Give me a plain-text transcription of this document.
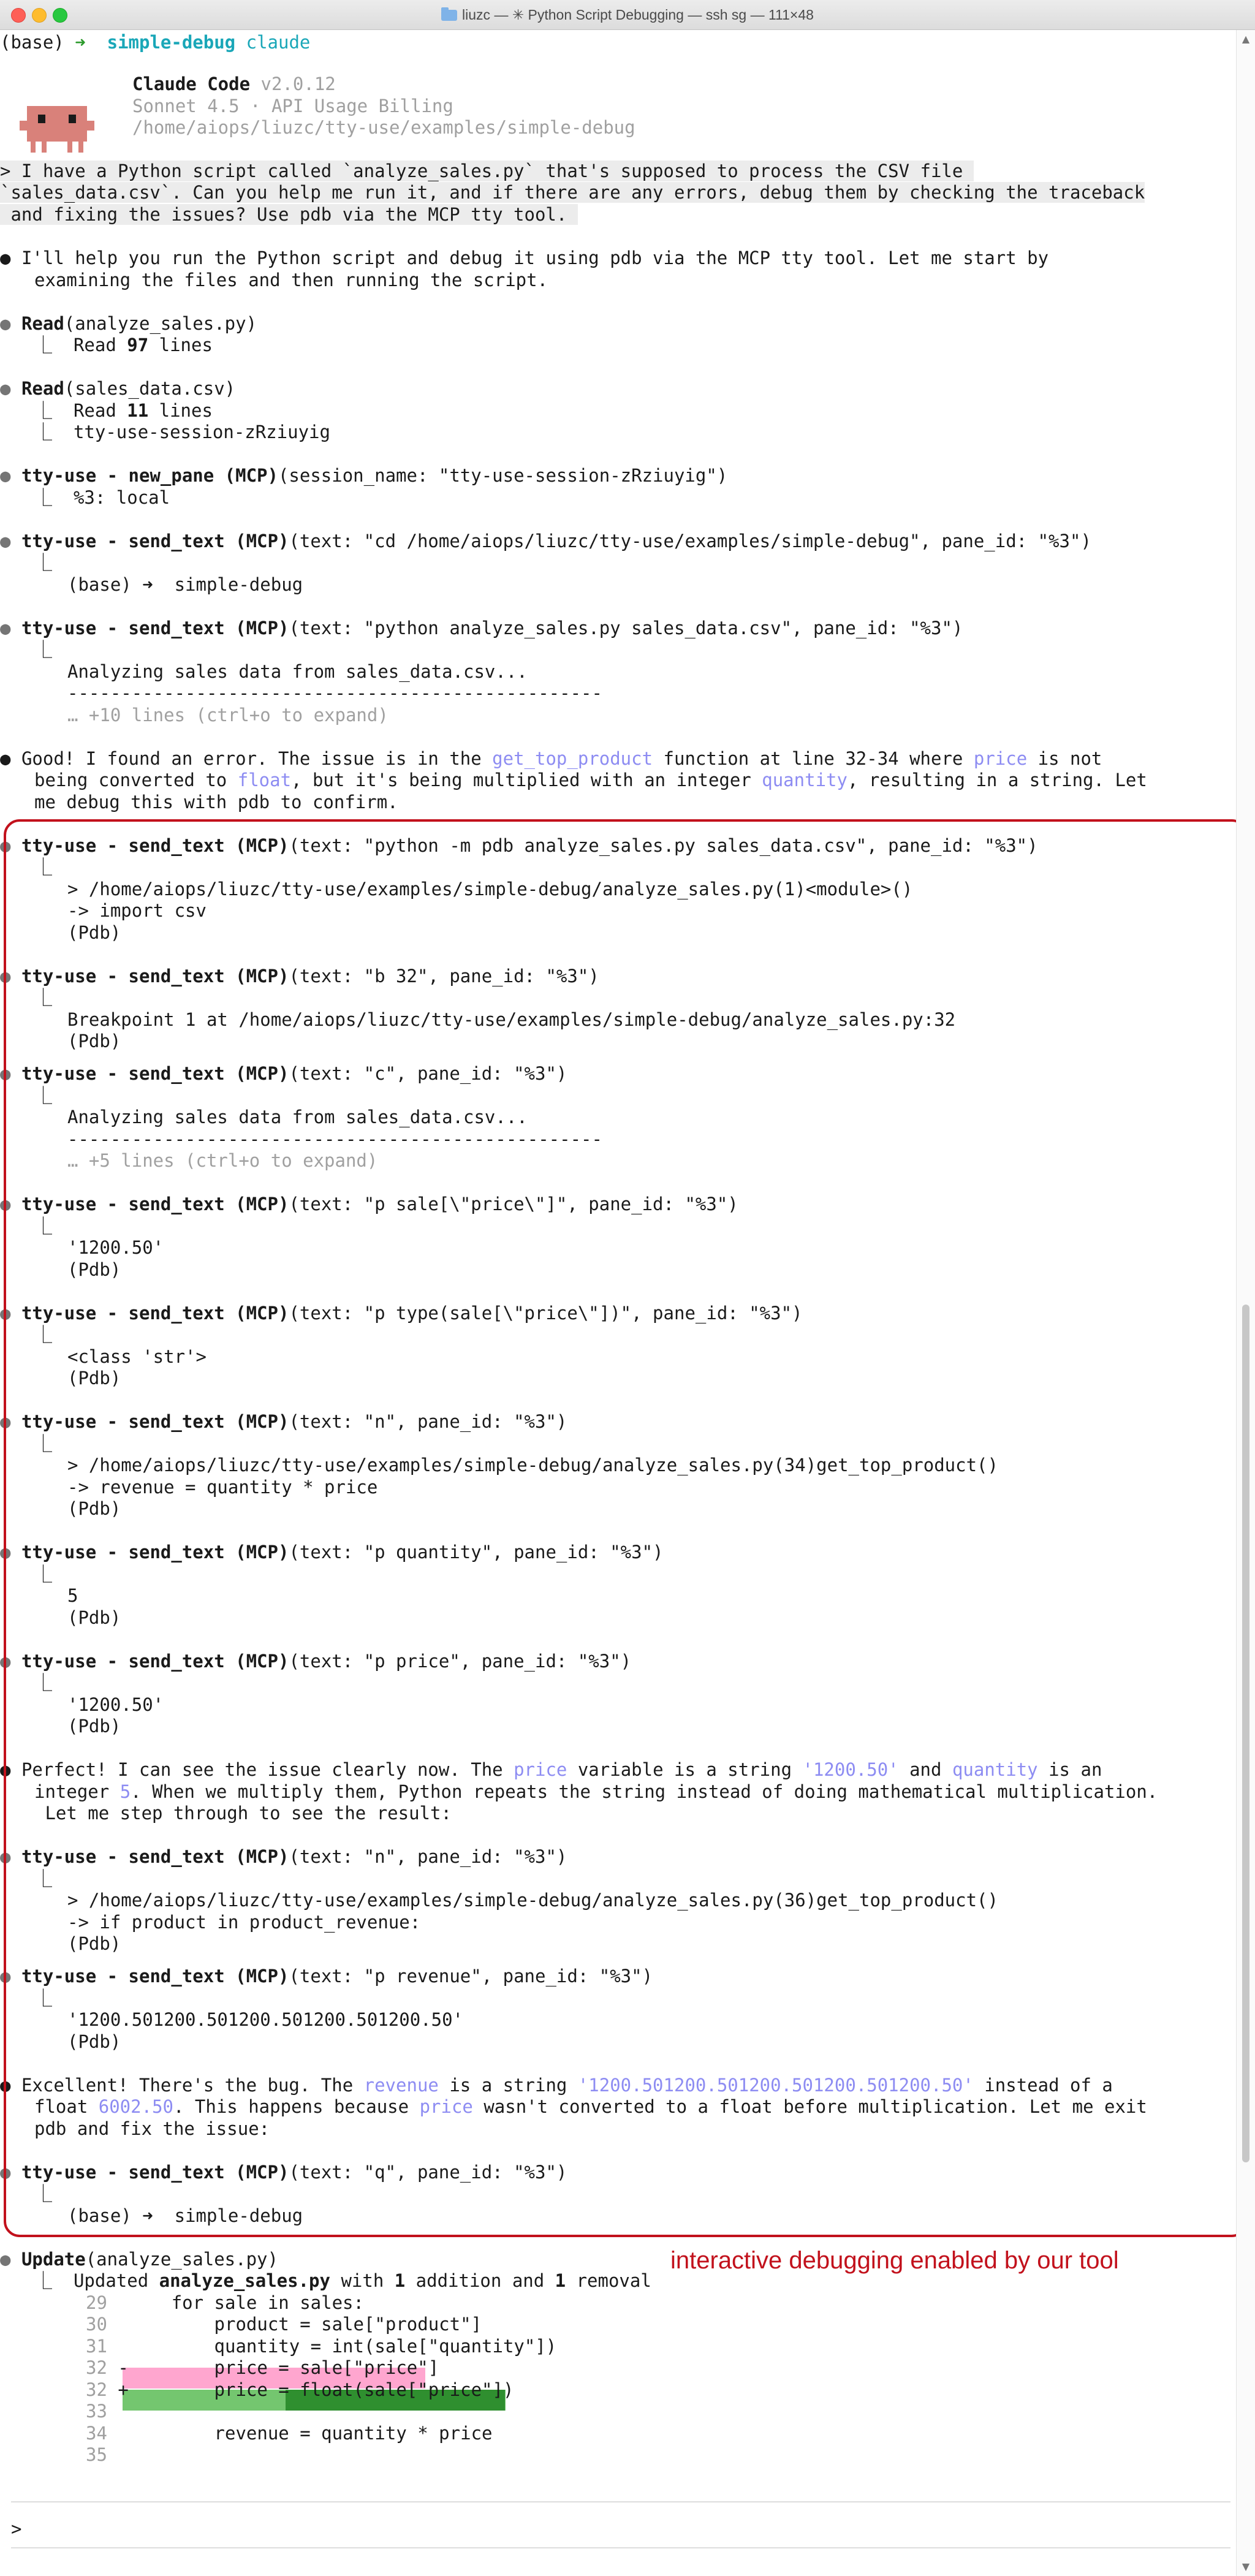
liuzc — ✳ Python Script Debugging — ssh sg — 111×48

(base) ➜ simple-debug claude

Claude Code v2.0.12

Sonnet 4.5 · API Usage Billing

/home/aiops/liuzc/tty-use/examples/simple-debug

> I have a Python script called `analyze_sales.py` that's supposed to process the CSV file

`sales_data.csv`. Can you help me run it, and if there are any errors, debug them by checking the traceback

and fixing the issues? Use pdb via the MCP tty tool.

● I'll help you run the Python script and debug it using pdb via the MCP tty tool. Let me start by

examining the files and then running the script.

● Read(analyze_sales.py)

⎿ Read 97 lines

● Read(sales_data.csv)

⎿ Read 11 lines

⎿ tty-use-session-zRziuyig

● tty-use - new_pane (MCP)(session_name: "tty-use-session-zRziuyig")

⎿ %3: local

● tty-use - send_text (MCP)(text: "cd /home/aiops/liuzc/tty-use/examples/simple-debug", pane_id: "%3")

⎿

(base) ➜  simple-debug

● tty-use - send_text (MCP)(text: "python analyze_sales.py sales_data.csv", pane_id: "%3")

⎿

Analyzing sales data from sales_data.csv...

--------------------------------------------------

… +10 lines (ctrl+o to expand)

● Good! I found an error. The issue is in the get_top_product function at line 32-34 where price is not

being converted to float, but it's being multiplied with an integer quantity, resulting in a string. Let

me debug this with pdb to confirm.

● tty-use - send_text (MCP)(text: "python -m pdb analyze_sales.py sales_data.csv", pane_id: "%3")

⎿

> /home/aiops/liuzc/tty-use/examples/simple-debug/analyze_sales.py(1)<module>()

-> import csv

(Pdb)

● tty-use - send_text (MCP)(text: "b 32", pane_id: "%3")

⎿

Breakpoint 1 at /home/aiops/liuzc/tty-use/examples/simple-debug/analyze_sales.py:32

(Pdb)

● tty-use - send_text (MCP)(text: "c", pane_id: "%3")

⎿

Analyzing sales data from sales_data.csv...

--------------------------------------------------

… +5 lines (ctrl+o to expand)

● tty-use - send_text (MCP)(text: "p sale[\"price\"]", pane_id: "%3")

⎿

'1200.50'

(Pdb)

● tty-use - send_text (MCP)(text: "p type(sale[\"price\"])", pane_id: "%3")

⎿

<class 'str'>

(Pdb)

● tty-use - send_text (MCP)(text: "n", pane_id: "%3")

⎿

> /home/aiops/liuzc/tty-use/examples/simple-debug/analyze_sales.py(34)get_top_product()

-> revenue = quantity * price

(Pdb)

● tty-use - send_text (MCP)(text: "p quantity", pane_id: "%3")

⎿

5

(Pdb)

● tty-use - send_text (MCP)(text: "p price", pane_id: "%3")

⎿

'1200.50'

(Pdb)

● Perfect! I can see the issue clearly now. The price variable is a string '1200.50' and quantity is an

integer 5. When we multiply them, Python repeats the string instead of doing mathematical multiplication.

Let me step through to see the result:

● tty-use - send_text (MCP)(text: "n", pane_id: "%3")

⎿

> /home/aiops/liuzc/tty-use/examples/simple-debug/analyze_sales.py(36)get_top_product()

-> if product in product_revenue:

(Pdb)

● tty-use - send_text (MCP)(text: "p revenue", pane_id: "%3")

⎿

'1200.501200.501200.501200.501200.50'

(Pdb)

● Excellent! There's the bug. The revenue is a string '1200.501200.501200.501200.501200.50' instead of a

float 6002.50. This happens because price wasn't converted to a float before multiplication. Let me exit

pdb and fix the issue:

● tty-use - send_text (MCP)(text: "q", pane_id: "%3")

⎿

(base) ➜  simple-debug

● Update(analyze_sales.py)

⎿ Updated analyze_sales.py with 1 addition and 1 removal

29      for sale in sales:

30          product = sale["product"]

31          quantity = int(sale["quantity"])

32 -        price = sale["price"]

32 +        price = float(sale["price"])

33

34          revenue = quantity * price

35

>

interactive debugging enabled by our tool
▲
▼
